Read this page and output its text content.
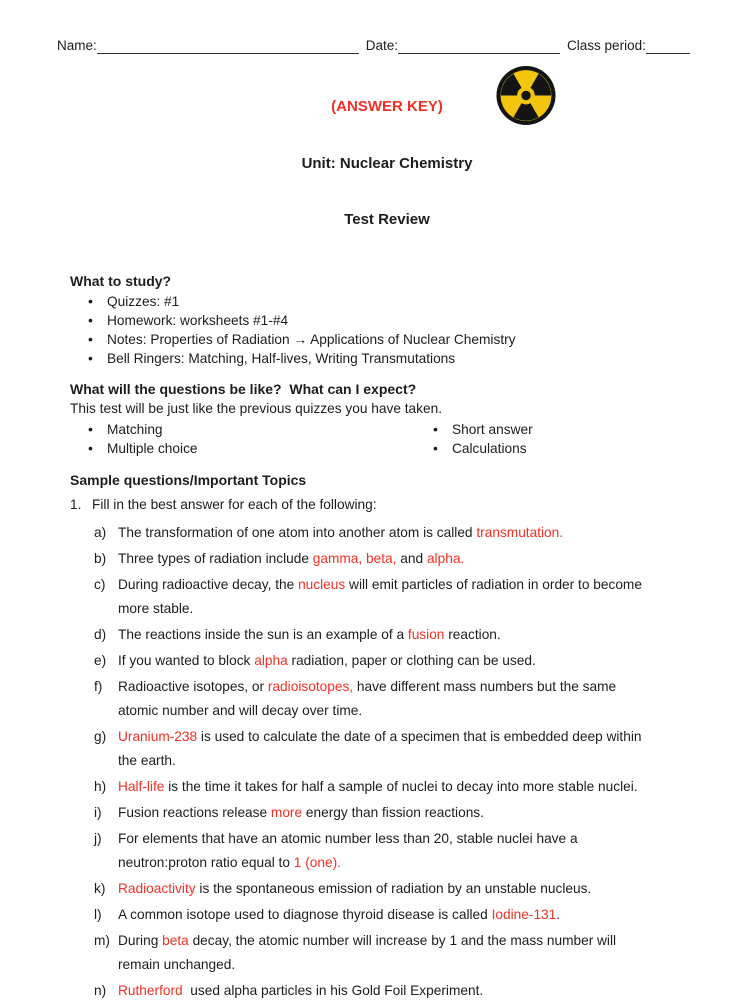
Name:	Date:	Class period:

(ANSWER KEY)

Unit: Nuclear Chemistry

Test Review

What to study?
• Quizzes: #1
• Homework: worksheets #1-#4
• Notes: Properties of Radiation → Applications of Nuclear Chemistry
• Bell Ringers: Matching, Half-lives, Writing Transmutations
What will the questions be like?  What can I expect?
This test will be just like the previous quizzes you have taken.
• Matching
• Multiple choice
• Short answer
• Calculations
Sample questions/Important Topics
1. Fill in the best answer for each of the following:
a) The transformation of one atom into another atom is called transmutation.
b) Three types of radiation include gamma, beta, and alpha.
c) During radioactive decay, the nucleus will emit particles of radiation in order to become
more stable.
d) The reactions inside the sun is an example of a fusion reaction.
e) If you wanted to block alpha radiation, paper or clothing can be used.
f)	Radioactive isotopes, or radioisotopes, have different mass numbers but the same
atomic number and will decay over time.
g) Uranium-238 is used to calculate the date of a specimen that is embedded deep within
the earth.
h) Half-life is the time it takes for half a sample of nuclei to decay into more stable nuclei.
i)	Fusion reactions release more energy than fission reactions.
j)	For elements that have an atomic number less than 20, stable nuclei have a
neutron:proton ratio equal to 1 (one).
k) Radioactivity is the spontaneous emission of radiation by an unstable nucleus.
l)	A common isotope used to diagnose thyroid disease is called Iodine-131.
m) During beta decay, the atomic number will increase by 1 and the mass number will
remain unchanged.
n) Rutherford  used alpha particles in his Gold Foil Experiment.
